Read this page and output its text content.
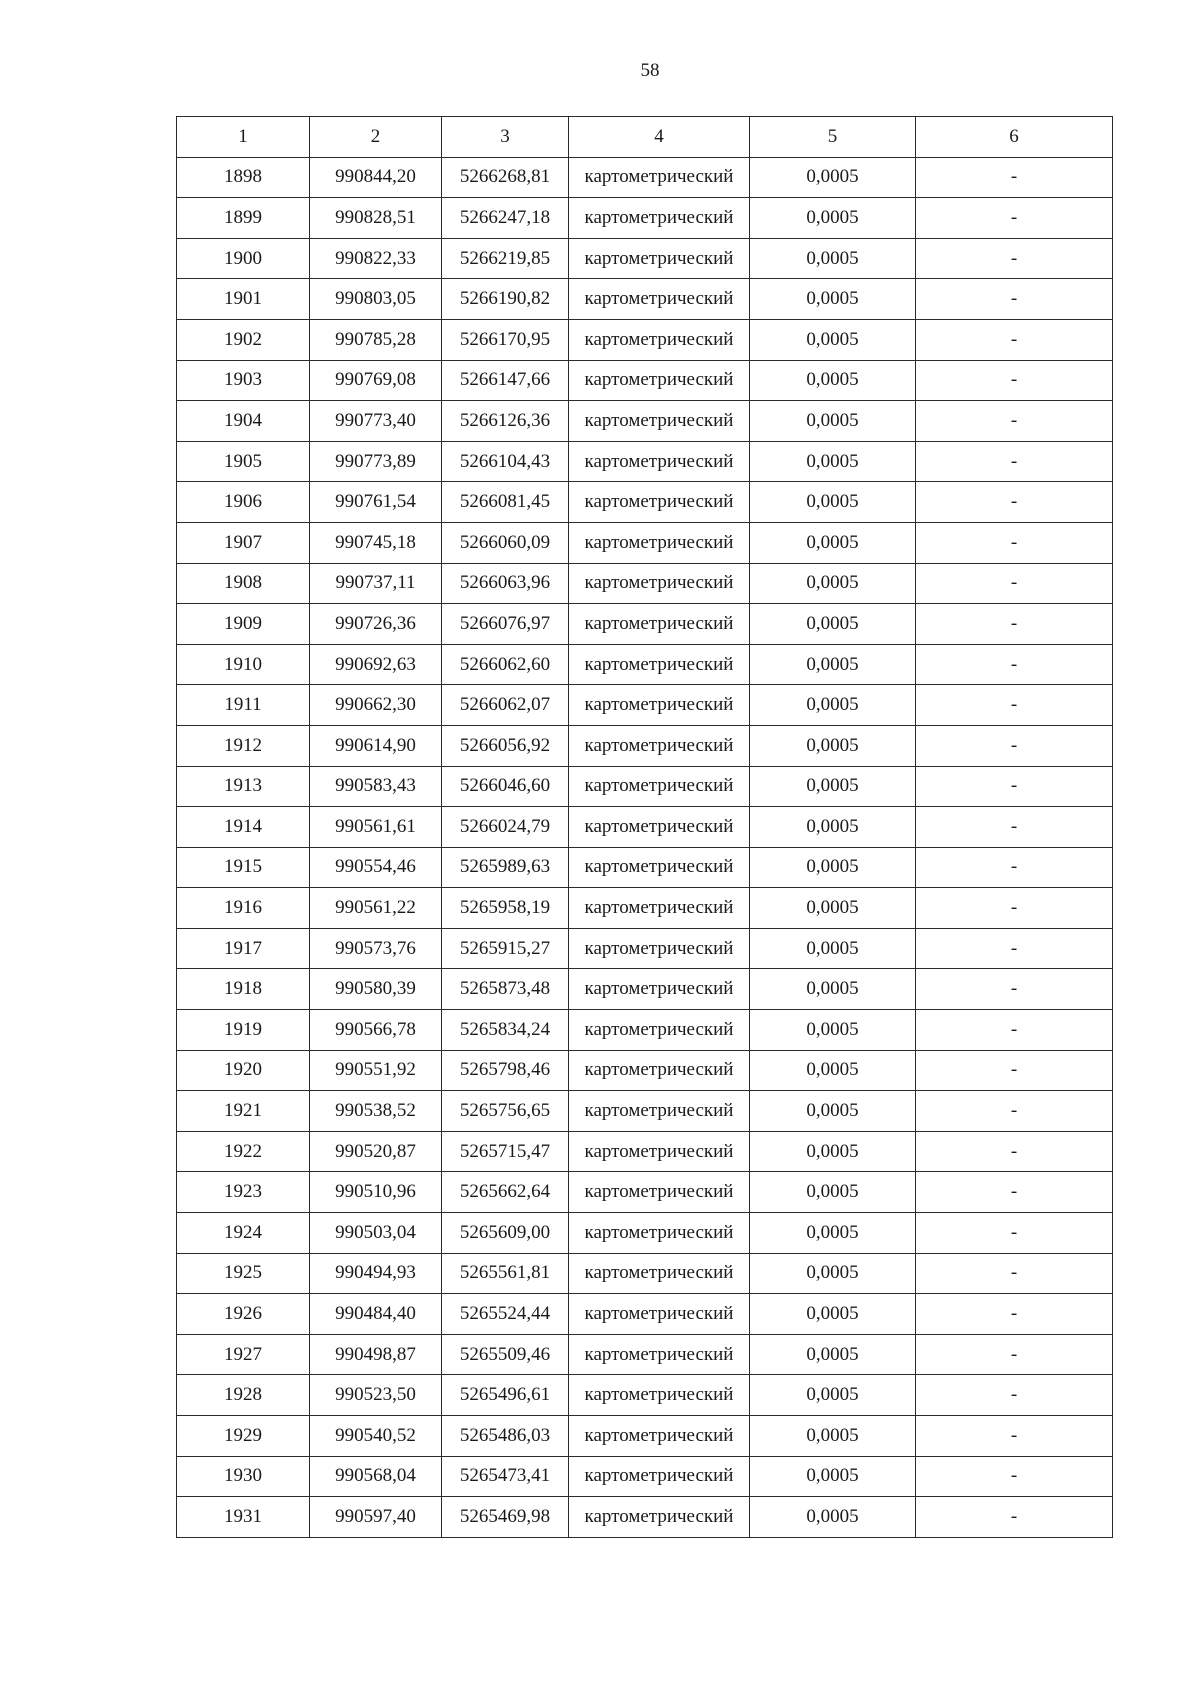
58
1	2	3	4	5	6
1898	990844,20	5266268,81	картометрический	0,0005	-
1899	990828,51	5266247,18	картометрический	0,0005	-
1900	990822,33	5266219,85	картометрический	0,0005	-
1901	990803,05	5266190,82	картометрический	0,0005	-
1902	990785,28	5266170,95	картометрический	0,0005	-
1903	990769,08	5266147,66	картометрический	0,0005	-
1904	990773,40	5266126,36	картометрический	0,0005	-
1905	990773,89	5266104,43	картометрический	0,0005	-
1906	990761,54	5266081,45	картометрический	0,0005	-
1907	990745,18	5266060,09	картометрический	0,0005	-
1908	990737,11	5266063,96	картометрический	0,0005	-
1909	990726,36	5266076,97	картометрический	0,0005	-
1910	990692,63	5266062,60	картометрический	0,0005	-
1911	990662,30	5266062,07	картометрический	0,0005	-
1912	990614,90	5266056,92	картометрический	0,0005	-
1913	990583,43	5266046,60	картометрический	0,0005	-
1914	990561,61	5266024,79	картометрический	0,0005	-
1915	990554,46	5265989,63	картометрический	0,0005	-
1916	990561,22	5265958,19	картометрический	0,0005	-
1917	990573,76	5265915,27	картометрический	0,0005	-
1918	990580,39	5265873,48	картометрический	0,0005	-
1919	990566,78	5265834,24	картометрический	0,0005	-
1920	990551,92	5265798,46	картометрический	0,0005	-
1921	990538,52	5265756,65	картометрический	0,0005	-
1922	990520,87	5265715,47	картометрический	0,0005	-
1923	990510,96	5265662,64	картометрический	0,0005	-
1924	990503,04	5265609,00	картометрический	0,0005	-
1925	990494,93	5265561,81	картометрический	0,0005	-
1926	990484,40	5265524,44	картометрический	0,0005	-
1927	990498,87	5265509,46	картометрический	0,0005	-
1928	990523,50	5265496,61	картометрический	0,0005	-
1929	990540,52	5265486,03	картометрический	0,0005	-
1930	990568,04	5265473,41	картометрический	0,0005	-
1931	990597,40	5265469,98	картометрический	0,0005	-
